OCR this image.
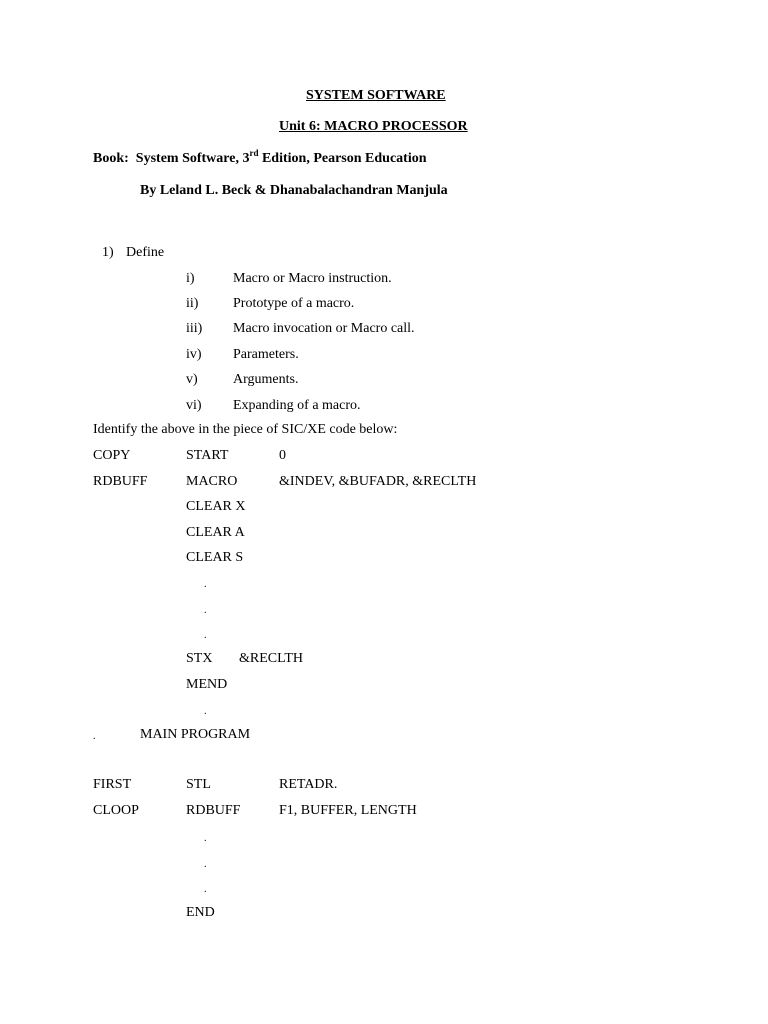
SYSTEM SOFTWARE
Unit 6: MACRO PROCESSOR
Book: System Software, 3rd Edition, Pearson Education
By Leland L. Beck & Dhanabalachandran Manjula
1) Define
i)	Macro or Macro instruction.
ii) Prototype of a macro.
iii) Macro invocation or Macro call.
iv) Parameters.
v)	Arguments.
vi) Expanding of a macro.
Identify the above in the piece of SIC/XE code below:
COPY	START	0
RDBUFF	MACRO	&INDEV, &BUFADR, &RECLTH
CLEAR X
CLEAR A
CLEAR S
.
.
.
STX &RECLTH
MEND
.
.	MAIN PROGRAM
FIRST	STL	RETADR.
CLOOP	RDBUFF	F1, BUFFER, LENGTH
.
.
.
END
